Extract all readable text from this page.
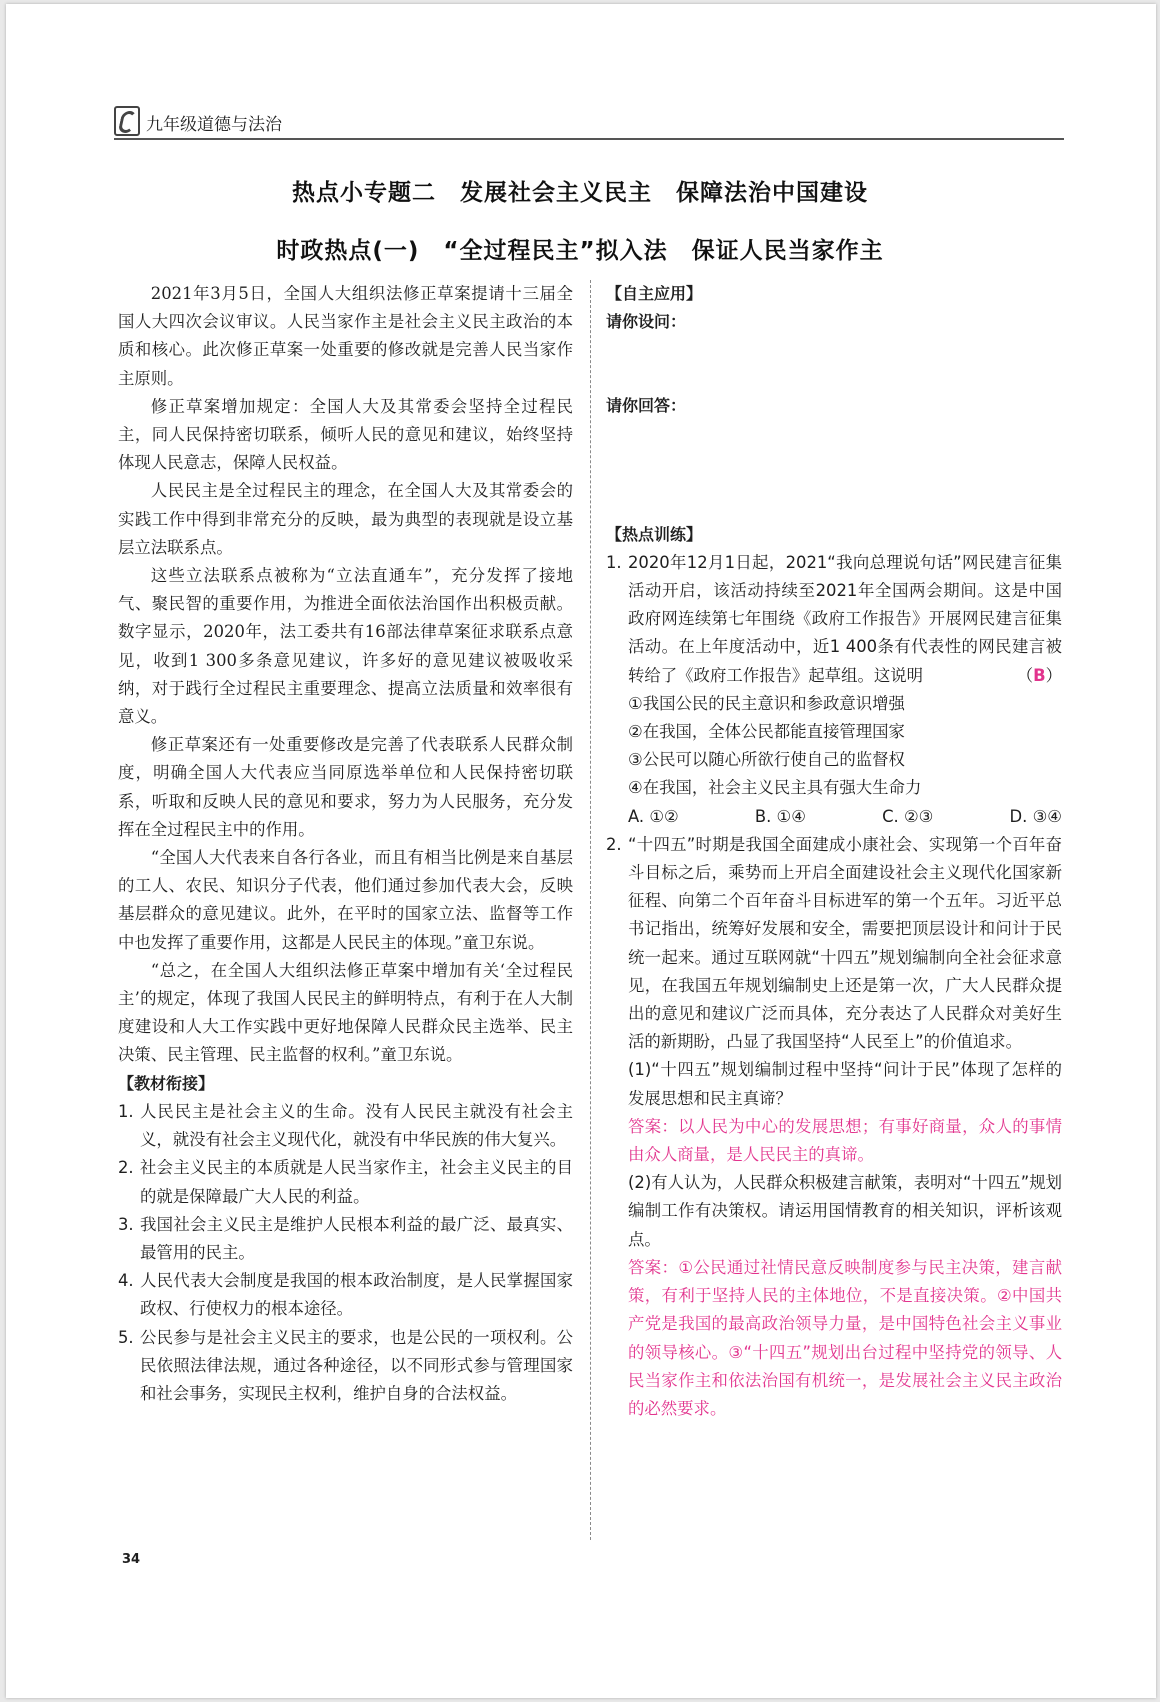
九年级道德与法治
热点小专题二　发展社会主义民主　保障法治中国建设
时政热点(一)　“全过程民主”拟入法　保证人民当家作主

2021年3月5日，全国人大组织法修正草案提请十三届全国人大四次会议审议。人民当家作主是社会主义民主政治的本质和核心。此次修正草案一处重要的修改就是完善人民当家作主原则。

修正草案增加规定：全国人大及其常委会坚持全过程民主，同人民保持密切联系，倾听人民的意见和建议，始终坚持体现人民意志，保障人民权益。

人民民主是全过程民主的理念，在全国人大及其常委会的实践工作中得到非常充分的反映，最为典型的表现就是设立基层立法联系点。

这些立法联系点被称为“立法直通车”，充分发挥了接地气、聚民智的重要作用，为推进全面依法治国作出积极贡献。数字显示，2020年，法工委共有16部法律草案征求联系点意见，收到1 300多条意见建议，许多好的意见建议被吸收采纳，对于践行全过程民主重要理念、提高立法质量和效率很有意义。

修正草案还有一处重要修改是完善了代表联系人民群众制度，明确全国人大代表应当同原选举单位和人民保持密切联系，听取和反映人民的意见和要求，努力为人民服务，充分发挥在全过程民主中的作用。

“全国人大代表来自各行各业，而且有相当比例是来自基层的工人、农民、知识分子代表，他们通过参加代表大会，反映基层群众的意见建议。此外，在平时的国家立法、监督等工作中也发挥了重要作用，这都是人民民主的体现。”童卫东说。

“总之，在全国人大组织法修正草案中增加有关‘全过程民主’的规定，体现了我国人民民主的鲜明特点，有利于在人大制度建设和人大工作实践中更好地保障人民群众民主选举、民主决策、民主管理、民主监督的权利。”童卫东说。

【教材衔接】

1. 人民民主是社会主义的生命。没有人民民主就没有社会主义，就没有社会主义现代化，就没有中华民族的伟大复兴。
2. 社会主义民主的本质就是人民当家作主，社会主义民主的目的就是保障最广大人民的利益。
3. 我国社会主义民主是维护人民根本利益的最广泛、最真实、最管用的民主。
4. 人民代表大会制度是我国的根本政治制度，是人民掌握国家政权、行使权力的根本途径。
5. 公民参与是社会主义民主的要求，也是公民的一项权利。公民依照法律法规，通过各种途径，以不同形式参与管理国家和社会事务，实现民主权利，维护自身的合法权益。

【自主应用】

请你设问：

请你回答：

【热点训练】

1. 2020年12月1日起，2021“我向总理说句话”网民建言征集活动开启，该活动持续至2021年全国两会期间。这是中国政府网连续第七年围绕《政府工作报告》开展网民建言征集活动。在上年度活动中，近1 400条有代表性的网民建言被转给了《政府工作报告》起草组。这说明	（B）

①我国公民的民主意识和参政意识增强

②在我国，全体公民都能直接管理国家

③公民可以随心所欲行使自己的监督权

④在我国，社会主义民主具有强大生命力

A. ①②	B. ①④	C. ②③	D. ③④
2. “十四五”时期是我国全面建成小康社会、实现第一个百年奋斗目标之后，乘势而上开启全面建设社会主义现代化国家新征程、向第二个百年奋斗目标进军的第一个五年。习近平总书记指出，统筹好发展和安全，需要把顶层设计和问计于民统一起来。通过互联网就“十四五”规划编制向全社会征求意见，在我国五年规划编制史上还是第一次，广大人民群众提出的意见和建议广泛而具体，充分表达了人民群众对美好生活的新期盼，凸显了我国坚持“人民至上”的价值追求。

(1)“十四五”规划编制过程中坚持“问计于民”体现了怎样的发展思想和民主真谛？

答案：以人民为中心的发展思想；有事好商量，众人的事情由众人商量，是人民民主的真谛。

(2)有人认为，人民群众积极建言献策，表明对“十四五”规划编制工作有决策权。请运用国情教育的相关知识，评析该观点。

答案：①公民通过社情民意反映制度参与民主决策，建言献策，有利于坚持人民的主体地位，不是直接决策。②中国共产党是我国的最高政治领导力量，是中国特色社会主义事业的领导核心。③“十四五”规划出台过程中坚持党的领导、人民当家作主和依法治国有机统一，是发展社会主义民主政治的必然要求。

34
